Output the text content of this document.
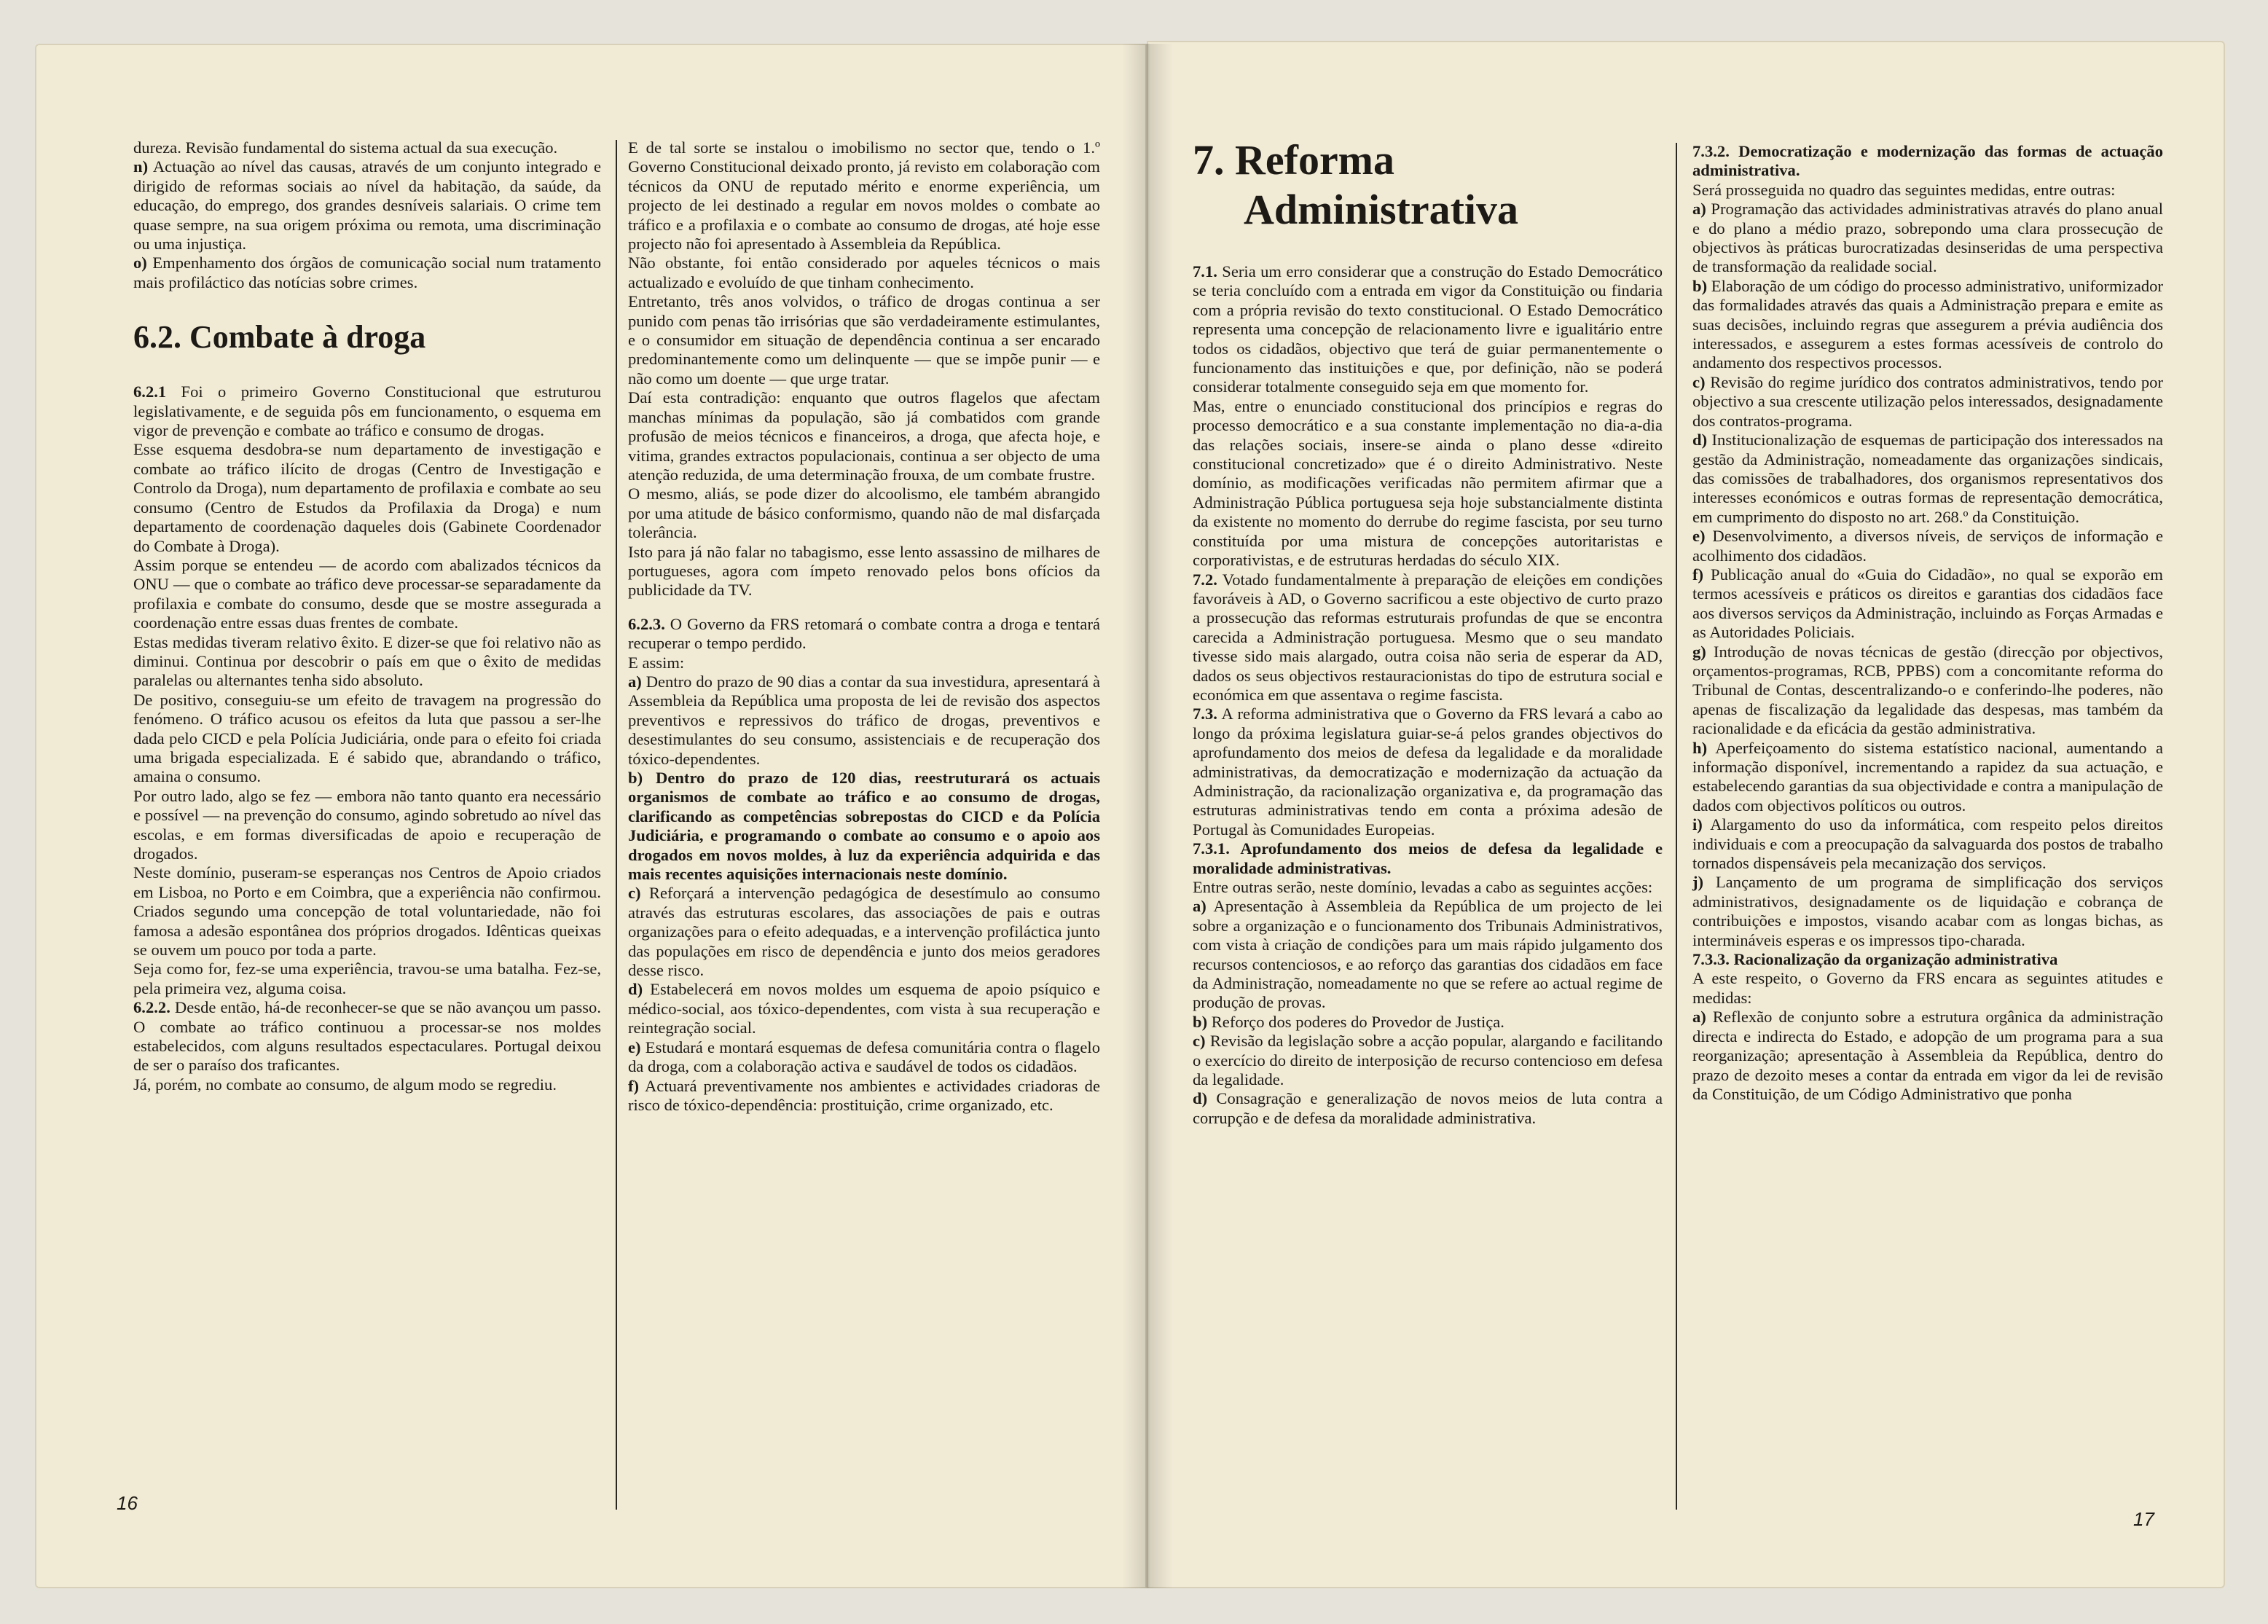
dureza. Revisão fundamental do sistema actual da sua execução.

n) Actuação ao nível das causas, através de um conjunto integrado e dirigido de reformas sociais ao nível da habitação, da saúde, da educação, do emprego, dos grandes desníveis salariais. O crime tem quase sempre, na sua origem próxima ou remota, uma discriminação ou uma injustiça.

o) Empenhamento dos órgãos de comunicação social num tratamento mais profiláctico das notícias sobre crimes.

6.2. Combate à droga

6.2.1 Foi o primeiro Governo Constitucional que estruturou legislativamente, e de seguida pôs em funcionamento, o esquema em vigor de prevenção e combate ao tráfico e consumo de drogas.

Esse esquema desdobra-se num departamento de investigação e combate ao tráfico ilícito de drogas (Centro de Investigação e Controlo da Droga), num departamento de profilaxia e combate ao seu consumo (Centro de Estudos da Profilaxia da Droga) e num departamento de coordenação daqueles dois (Gabinete Coordenador do Combate à Droga).

Assim porque se entendeu — de acordo com abalizados técnicos da ONU — que o combate ao tráfico deve processar-se separadamente da profilaxia e combate do consumo, desde que se mostre assegurada a coordenação entre essas duas frentes de combate.

Estas medidas tiveram relativo êxito. E dizer-se que foi relativo não as diminui. Continua por descobrir o país em que o êxito de medidas paralelas ou alternantes tenha sido absoluto.

De positivo, conseguiu-se um efeito de travagem na progressão do fenómeno. O tráfico acusou os efeitos da luta que passou a ser-lhe dada pelo CICD e pela Polícia Judiciária, onde para o efeito foi criada uma brigada especializada. E é sabido que, abrandando o tráfico, amaina o consumo.

Por outro lado, algo se fez — embora não tanto quanto era necessário e possível — na prevenção do consumo, agindo sobretudo ao nível das escolas, e em formas diversificadas de apoio e recuperação de drogados.

Neste domínio, puseram-se esperanças nos Centros de Apoio criados em Lisboa, no Porto e em Coimbra, que a experiência não confirmou. Criados segundo uma concepção de total voluntariedade, não foi famosa a adesão espontânea dos próprios drogados. Idênticas queixas se ouvem um pouco por toda a parte.

Seja como for, fez-se uma experiência, travou-se uma batalha. Fez-se, pela primeira vez, alguma coisa.

6.2.2. Desde então, há-de reconhecer-se que se não avançou um passo. O combate ao tráfico continuou a processar-se nos moldes estabelecidos, com alguns resultados espectaculares. Portugal deixou de ser o paraíso dos traficantes.

Já, porém, no combate ao consumo, de algum modo se regrediu.

E de tal sorte se instalou o imobilismo no sector que, tendo o 1.º Governo Constitucional deixado pronto, já revisto em colaboração com técnicos da ONU de reputado mérito e enorme experiência, um projecto de lei destinado a regular em novos moldes o combate ao tráfico e a profilaxia e o combate ao consumo de drogas, até hoje esse projecto não foi apresentado à Assembleia da República.

Não obstante, foi então considerado por aqueles técnicos o mais actualizado e evoluído de que tinham conhecimento.

Entretanto, três anos volvidos, o tráfico de drogas continua a ser punido com penas tão irrisórias que são verdadeiramente estimulantes, e o consumidor em situação de dependência continua a ser encarado predominantemente como um delinquente — que se impõe punir — e não como um doente — que urge tratar.

Daí esta contradição: enquanto que outros flagelos que afectam manchas mínimas da população, são já combatidos com grande profusão de meios técnicos e financeiros, a droga, que afecta hoje, e vitima, grandes extractos populacionais, continua a ser objecto de uma atenção reduzida, de uma determinação frouxa, de um combate frustre.

O mesmo, aliás, se pode dizer do alcoolismo, ele também abrangido por uma atitude de básico conformismo, quando não de mal disfarçada tolerância.

Isto para já não falar no tabagismo, esse lento assassino de milhares de portugueses, agora com ímpeto renovado pelos bons ofícios da publicidade da TV.

6.2.3. O Governo da FRS retomará o combate contra a droga e tentará recuperar o tempo perdido.

E assim:

a) Dentro do prazo de 90 dias a contar da sua investidura, apresentará à Assembleia da República uma proposta de lei de revisão dos aspectos preventivos e repressivos do tráfico de drogas, preventivos e desestimulantes do seu consumo, assistenciais e de recuperação dos tóxico-dependentes.

b) Dentro do prazo de 120 dias, reestruturará os actuais organismos de combate ao tráfico e ao consumo de drogas, clarificando as competências sobrepostas do CICD e da Polícia Judiciária, e programando o combate ao consumo e o apoio aos drogados em novos moldes, à luz da experiência adquirida e das mais recentes aquisições internacionais neste domínio.

c) Reforçará a intervenção pedagógica de desestímulo ao consumo através das estruturas escolares, das associações de pais e outras organizações para o efeito adequadas, e a intervenção profiláctica junto das populações em risco de dependência e junto dos meios geradores desse risco.

d) Estabelecerá em novos moldes um esquema de apoio psíquico e médico-social, aos tóxico-dependentes, com vista à sua recuperação e reintegração social.

e) Estudará e montará esquemas de defesa comunitária contra o flagelo da droga, com a colaboração activa e saudável de todos os cidadãos.

f) Actuará preventivamente nos ambientes e actividades criadoras de risco de tóxico-dependência: prostituição, crime organizado, etc.

16
7. Reforma
Administrativa

7.1. Seria um erro considerar que a construção do Estado Democrático se teria concluído com a entrada em vigor da Constituição ou findaria com a própria revisão do texto constitucional. O Estado Democrático representa uma concepção de relacionamento livre e igualitário entre todos os cidadãos, objectivo que terá de guiar permanentemente o funcionamento das instituições e que, por definição, não se poderá considerar totalmente conseguido seja em que momento for.

Mas, entre o enunciado constitucional dos princípios e regras do processo democrático e a sua constante implementação no dia-a-dia das relações sociais, insere-se ainda o plano desse «direito constitucional concretizado» que é o direito Administrativo. Neste domínio, as modificações verificadas não permitem afirmar que a Administração Pública portuguesa seja hoje substancialmente distinta da existente no momento do derrube do regime fascista, por seu turno constituída por uma mistura de concepções autoritaristas e corporativistas, e de estruturas herdadas do século XIX.

7.2. Votado fundamentalmente à preparação de eleições em condições favoráveis à AD, o Governo sacrificou a este objectivo de curto prazo a prossecução das reformas estruturais profundas de que se encontra carecida a Administração portuguesa. Mesmo que o seu mandato tivesse sido mais alargado, outra coisa não seria de esperar da AD, dados os seus objectivos restauracionistas do tipo de estrutura social e económica em que assentava o regime fascista.

7.3. A reforma administrativa que o Governo da FRS levará a cabo ao longo da próxima legislatura guiar-se-á pelos grandes objectivos do aprofundamento dos meios de defesa da legalidade e da moralidade administrativas, da democratização e modernização da actuação da Administração, da racionalização organizativa e, da programação das estruturas administrativas tendo em conta a próxima adesão de Portugal às Comunidades Europeias.

7.3.1. Aprofundamento dos meios de defesa da legalidade e moralidade administrativas.

Entre outras serão, neste domínio, levadas a cabo as seguintes acções:

a) Apresentação à Assembleia da República de um projecto de lei sobre a organização e o funcionamento dos Tribunais Administrativos, com vista à criação de condições para um mais rápido julgamento dos recursos contenciosos, e ao reforço das garantias dos cidadãos em face da Administração, nomeadamente no que se refere ao actual regime de produção de provas.

b) Reforço dos poderes do Provedor de Justiça.

c) Revisão da legislação sobre a acção popular, alargando e facilitando o exercício do direito de interposição de recurso contencioso em defesa da legalidade.

d) Consagração e generalização de novos meios de luta contra a corrupção e de defesa da moralidade administrativa.

7.3.2. Democratização e modernização das formas de actuação administrativa.

Será prosseguida no quadro das seguintes medidas, entre outras:

a) Programação das actividades administrativas através do plano anual e do plano a médio prazo, sobrepondo uma clara prossecução de objectivos às práticas burocratizadas desinseridas de uma perspectiva de transformação da realidade social.

b) Elaboração de um código do processo administrativo, uniformizador das formalidades através das quais a Administração prepara e emite as suas decisões, incluindo regras que assegurem a prévia audiência dos interessados, e assegurem a estes formas acessíveis de controlo do andamento dos respectivos processos.

c) Revisão do regime jurídico dos contratos administrativos, tendo por objectivo a sua crescente utilização pelos interessados, designadamente dos contratos-programa.

d) Institucionalização de esquemas de participação dos interessados na gestão da Administração, nomeadamente das organizações sindicais, das comissões de trabalhadores, dos organismos representativos dos interesses económicos e outras formas de representação democrática, em cumprimento do disposto no art. 268.º da Constituição.

e) Desenvolvimento, a diversos níveis, de serviços de informação e acolhimento dos cidadãos.

f) Publicação anual do «Guia do Cidadão», no qual se exporão em termos acessíveis e práticos os direitos e garantias dos cidadãos face aos diversos serviços da Administração, incluindo as Forças Armadas e as Autoridades Policiais.

g) Introdução de novas técnicas de gestão (direcção por objectivos, orçamentos-programas, RCB, PPBS) com a concomitante reforma do Tribunal de Contas, descentralizando-o e conferindo-lhe poderes, não apenas de fiscalização da legalidade das despesas, mas também da racionalidade e da eficácia da gestão administrativa.

h) Aperfeiçoamento do sistema estatístico nacional, aumentando a informação disponível, incrementando a rapidez da sua actuação, e estabelecendo garantias da sua objectividade e contra a manipulação de dados com objectivos políticos ou outros.

i) Alargamento do uso da informática, com respeito pelos direitos individuais e com a preocupação da salvaguarda dos postos de trabalho tornados dispensáveis pela mecanização dos serviços.

j) Lançamento de um programa de simplificação dos serviços administrativos, designadamente os de liquidação e cobrança de contribuições e impostos, visando acabar com as longas bichas, as intermináveis esperas e os impressos tipo-charada.

7.3.3. Racionalização da organização administrativa

A este respeito, o Governo da FRS encara as seguintes atitudes e medidas:

a) Reflexão de conjunto sobre a estrutura orgânica da administração directa e indirecta do Estado, e adopção de um programa para a sua reorganização; apresentação à Assembleia da República, dentro do prazo de dezoito meses a contar da entrada em vigor da lei de revisão da Constituição, de um Código Administrativo que ponha

17
